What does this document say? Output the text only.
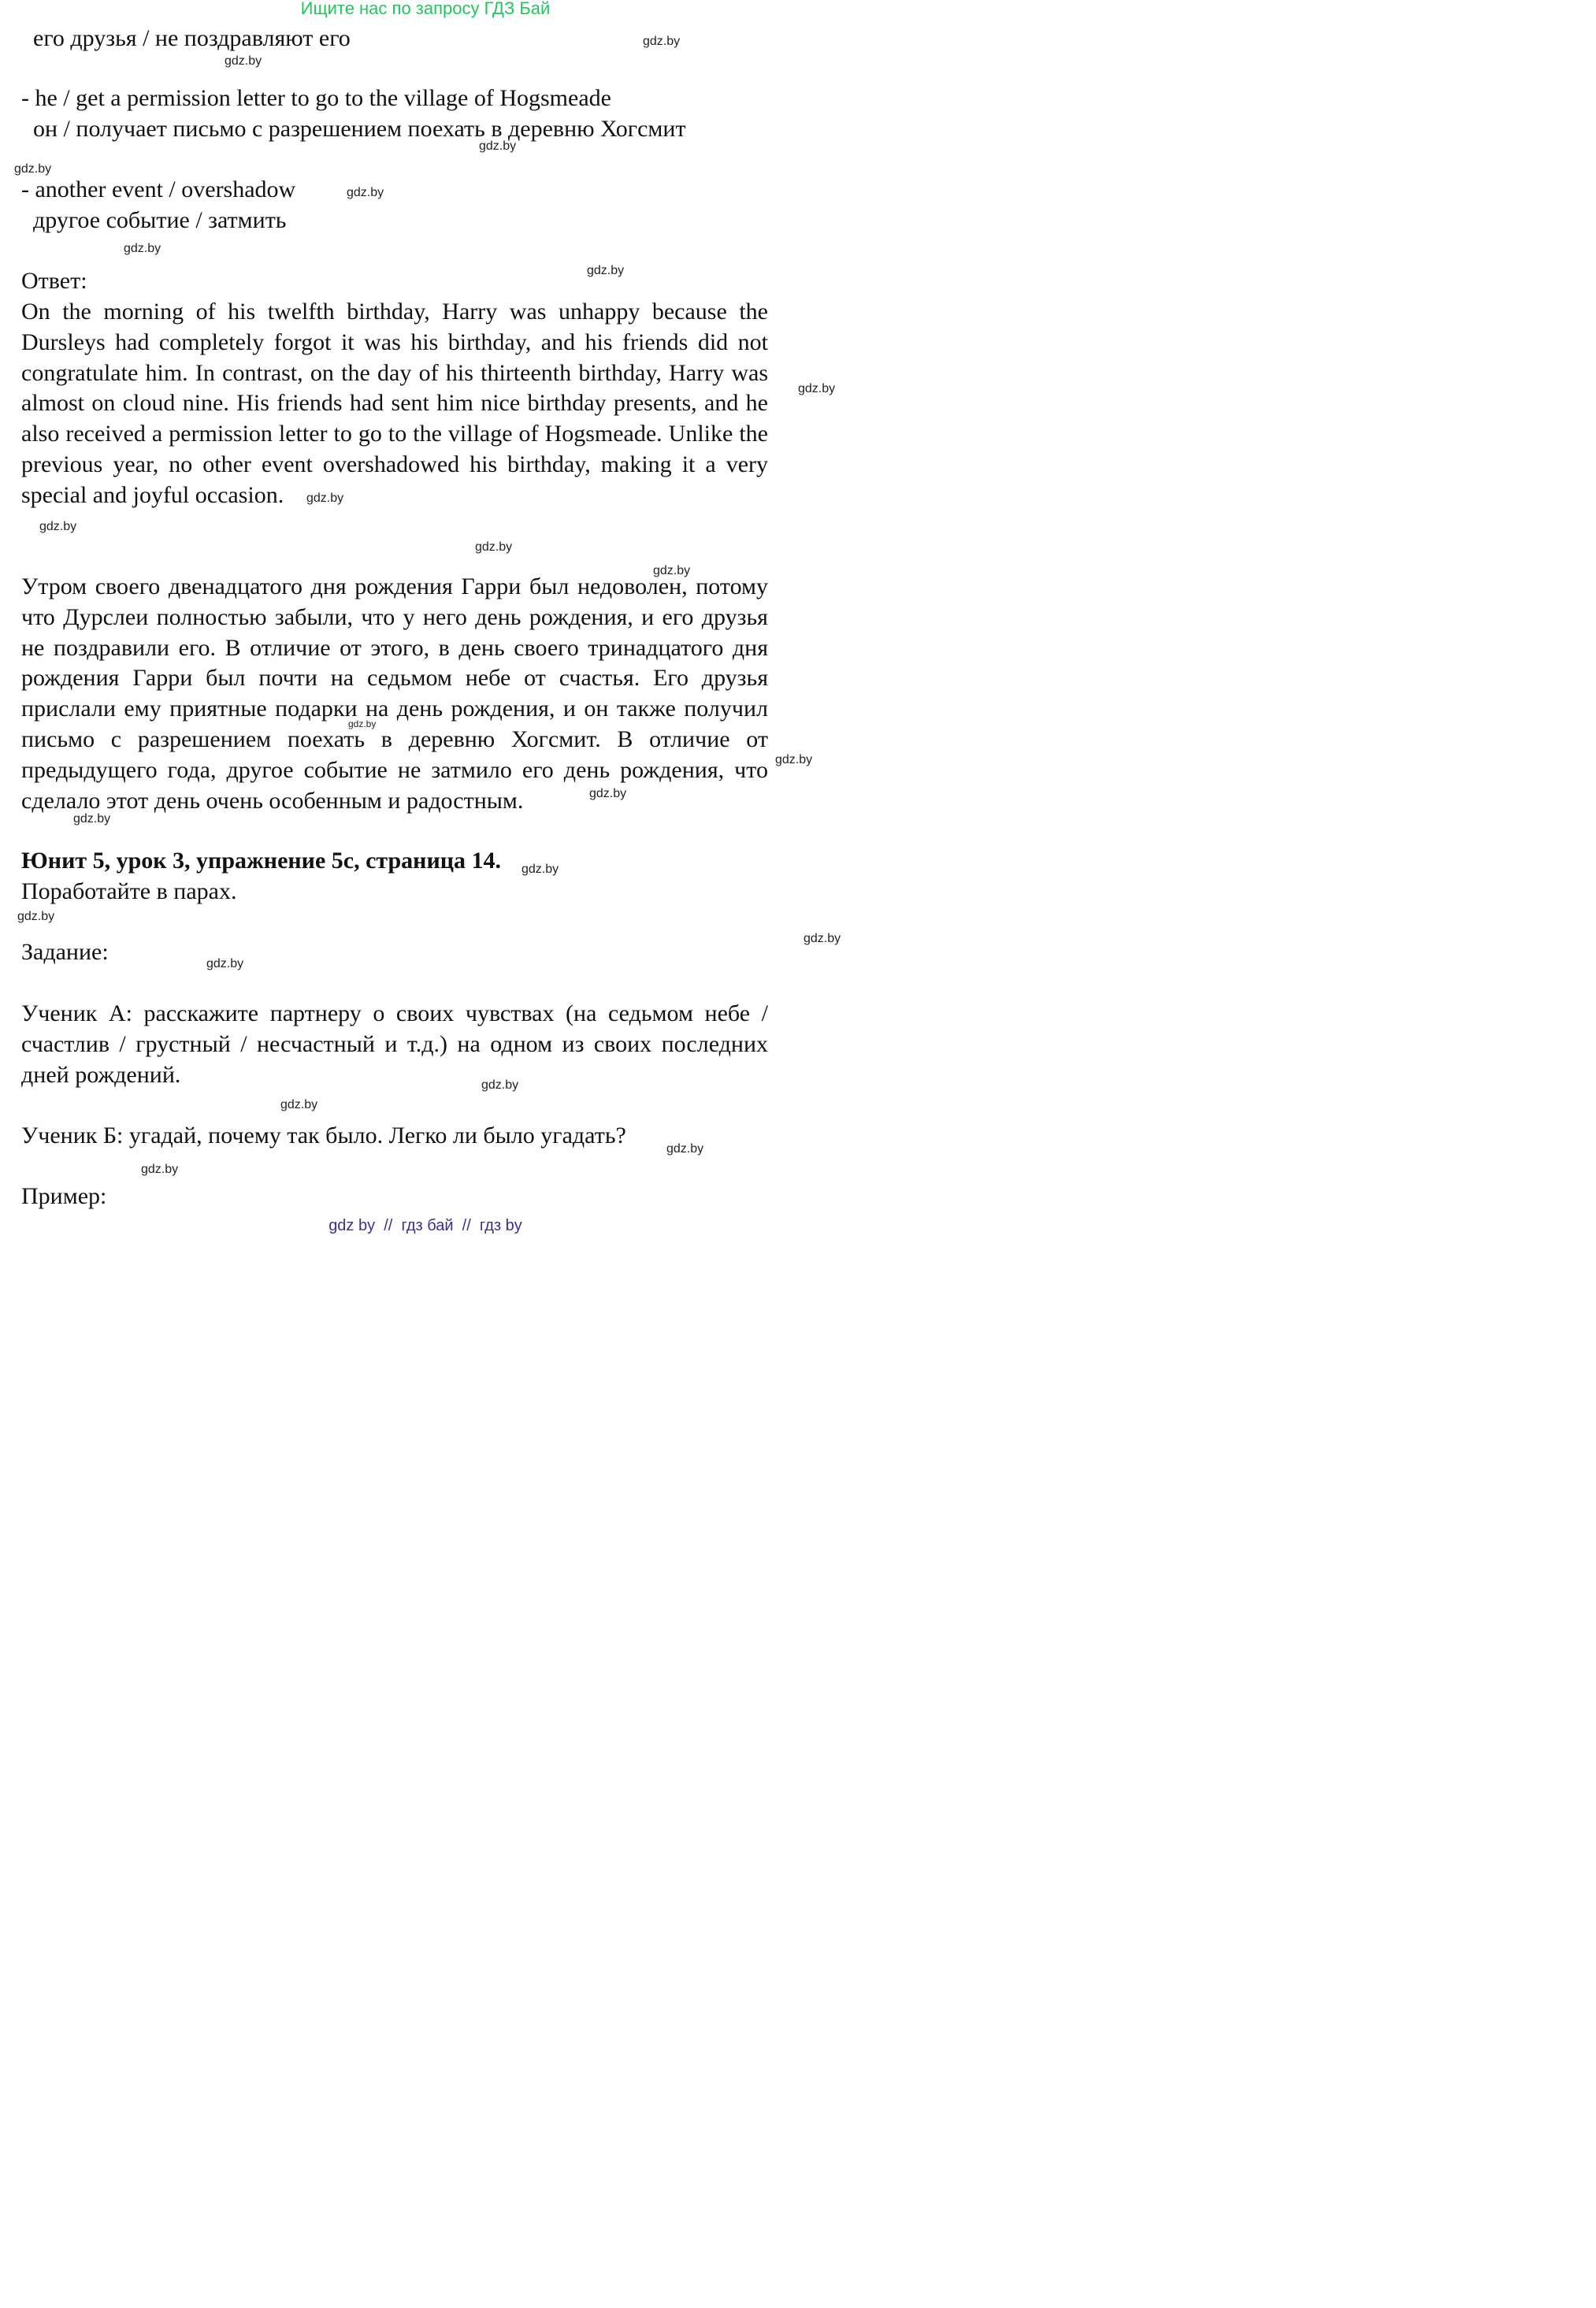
Ищите нас по запросу ГДЗ Бай

его друзья / не поздравляют его

- he / get a permission letter to go to the village of Hogsmeade

он / получает письмо с разрешением поехать в деревню Хогсмит

- another event / overshadow

другое событие / затмить

Ответ:

On the morning of his twelfth birthday, Harry was unhappy because the Dursleys had completely forgot it was his birthday, and his friends did not congratulate him. In contrast, on the day of his thirteenth birthday, Harry was almost on cloud nine. His friends had sent him nice birthday presents, and he also received a permission letter to go to the village of Hogsmeade. Unlike the previous year, no other event overshadowed his birthday, making it a very special and joyful occasion.

Утром своего двенадцатого дня рождения Гарри был недоволен, потому что Дурслеи полностью забыли, что у него день рождения, и его друзья не поздравили его. В отличие от этого, в день своего тринадцатого дня рождения Гарри был почти на седьмом небе от счастья. Его друзья прислали ему приятные подарки на день рождения, и он также получил письмо с разрешением поехать в деревню Хогсмит. В отличие от предыдущего года, другое событие не затмило его день рождения, что сделало этот день очень особенным и радостным.

Юнит 5, урок 3, упражнение 5c, страница 14.

Поработайте в парах.

Задание:

Ученик А: расскажите партнеру о своих чувствах (на седьмом небе / счастлив / грустный / несчастный и т.д.) на одном из своих последних дней рождений.

Ученик Б: угадай, почему так было. Легко ли было угадать?

Пример:

gdz.by
gdz.by
gdz.by
gdz.by
gdz.by
gdz.by
gdz.by
gdz.by
gdz.by
gdz.by
gdz.by
gdz.by
gdz.by
gdz.by
gdz.by
gdz.by
gdz.by
gdz.by
gdz.by
gdz.by
gdz.by
gdz.by
gdz.by
gdz.by
gdz by  //  гдз бай  //  гдз by
